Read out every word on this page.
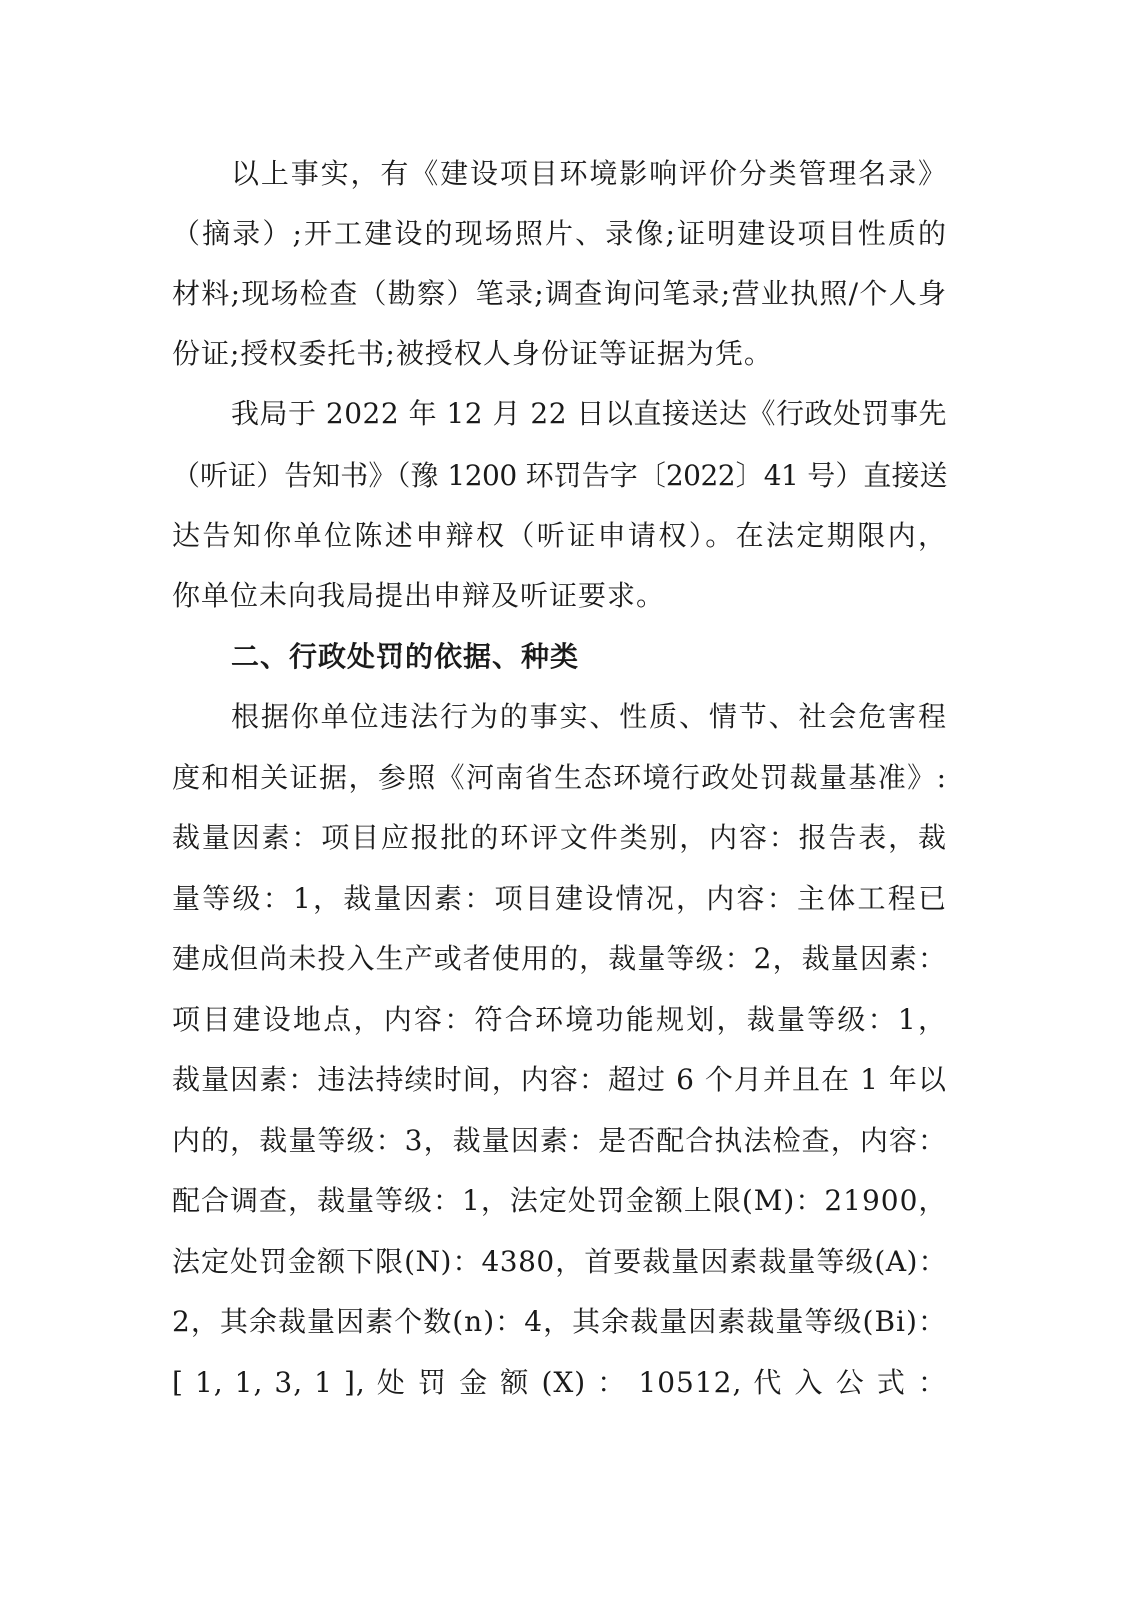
以上事实，有《建设项目环境影响评价分类管理名录》
（摘录）;开工建设的现场照片、录像;证明建设项目性质的
材料;现场检查（勘察）笔录;调查询问笔录;营业执照/个人身
份证;授权委托书;被授权人身份证等证据为凭。
我局于 2022 年 12 月 22 日以直接送达《行政处罚事先
（听证）告知书》（豫 1200 环罚告字〔2022〕41 号）直接送
达告知你单位陈述申辩权（听证申请权）。在法定期限内，
你单位未向我局提出申辩及听证要求。
二、行政处罚的依据、种类
根据你单位违法行为的事实、性质、情节、社会危害程
度和相关证据，参照《河南省生态环境行政处罚裁量基准》:
裁量因素：项目应报批的环评文件类别，内容：报告表，裁
量等级：1，裁量因素：项目建设情况，内容：主体工程已
建成但尚未投入生产或者使用的，裁量等级：2，裁量因素：
项目建设地点，内容：符合环境功能规划，裁量等级：1，
裁量因素：违法持续时间，内容：超过 6 个月并且在 1 年以
内的，裁量等级：3，裁量因素：是否配合执法检查，内容：
配合调查，裁量等级：1，法定处罚金额上限(M)：21900，
法定处罚金额下限(N)：4380，首要裁量因素裁量等级(A)：
2，其余裁量因素个数(n)：4，其余裁量因素裁量等级(Bi)：
[ 1, 1, 3, 1 ], 处 罚 金 额 (X) ： 10512, 代 入 公 式 ：
